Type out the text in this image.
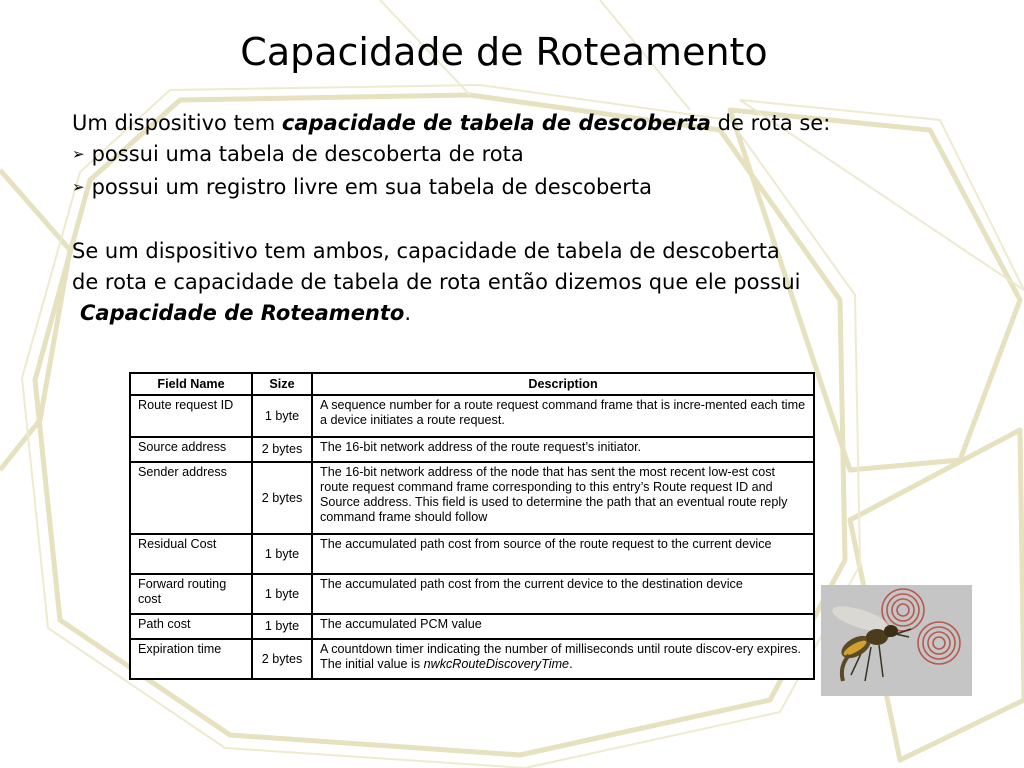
Capacidade de Roteamento

Um dispositivo tem capacidade de tabela de descoberta de rota se:

➢ possui uma tabela de descoberta de rota

➢ possui um registro livre em sua tabela de descoberta

Se um dispositivo tem ambos, capacidade de tabela de descoberta

de rota e capacidade de tabela de rota então dizemos que ele possui

Capacidade de Roteamento.

Field Name	Size	Description
Route request ID	1 byte	A sequence number for a route request command frame that is incre-mented each time a device initiates a route request.
Source address	2 bytes	The 16-bit network address of the route request’s initiator.
Sender address	2 bytes	The 16-bit network address of the node that has sent the most recent low-est cost route request command frame corresponding to this entry’s Route request ID and Source address. This field is used to determine the path that an eventual route reply command frame should follow
Residual Cost	1 byte	The accumulated path cost from source of the route request to the current device
Forward routing cost	1 byte	The accumulated path cost from the current device to the destination device
Path cost	1 byte	The accumulated PCM value
Expiration time	2 bytes	A countdown timer indicating the number of milliseconds until route discov-ery expires. The initial value is nwkcRouteDiscoveryTime.
